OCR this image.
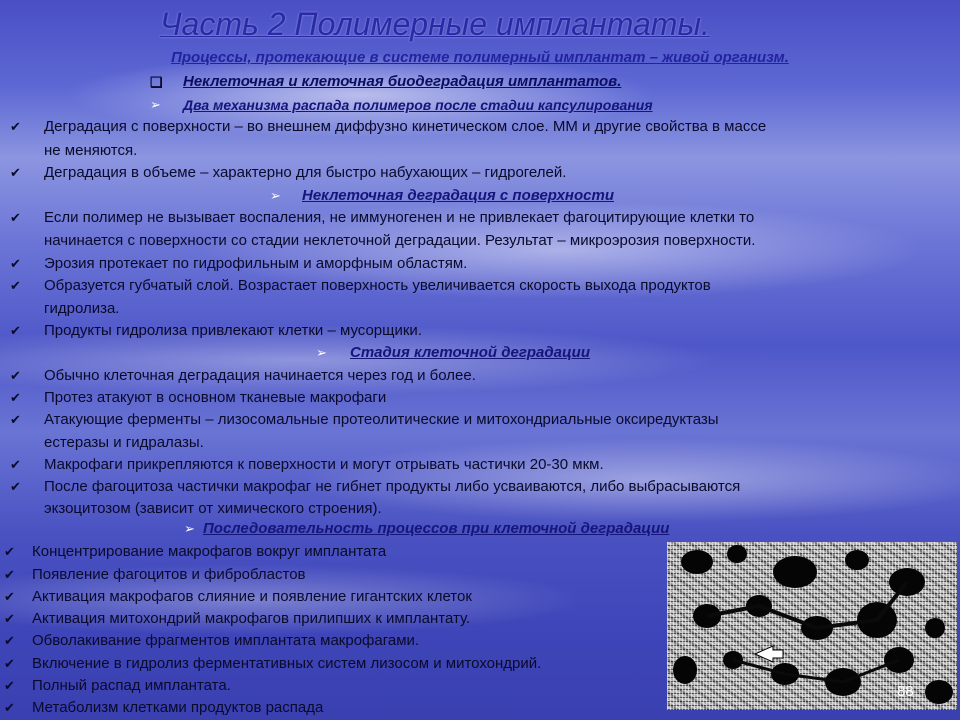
Часть 2 Полимерные имплантаты.
Процессы, протекающие в системе полимерный имплантат – живой организм.
❑ Неклеточная и клеточная биодеградация имплантатов.
➢ Два механизма распада полимеров после стадии капсулирования
✔ Деградация с поверхности – во внешнем диффузно кинетическом слое. ММ и другие свойства в массе
не меняются.
✔ Деградация в объеме – характерно для быстро набухающих – гидрогелей.
➢ Неклеточная деградация с поверхности
✔ Если полимер не вызывает воспаления, не иммуногенен и не привлекает фагоцитирующие клетки то
начинается с поверхности со стадии неклеточной деградации. Результат – микроэрозия поверхности.
✔ Эрозия протекает по гидрофильным и аморфным областям.
✔ Образуется губчатый слой. Возрастает поверхность увеличивается скорость выхода продуктов
гидролиза.
✔ Продукты гидролиза привлекают клетки – мусорщики.
➢ Стадия клеточной деградации
✔ Обычно клеточная деградация начинается через год и более.
✔ Протез атакуют в основном тканевые макрофаги
✔ Атакующие ферменты – лизосомальные протеолитические и митохондриальные оксиредуктазы
естеразы и гидралазы.
✔ Макрофаги прикрепляются к поверхности и могут отрывать частички 20-30 мкм.
✔ После фагоцитоза частички макрофаг не гибнет продукты либо усваиваются, либо выбрасываются
экзоцитозом (зависит от химического строения).
➢ Последовательность процессов при клеточной деградации
✔ Концентрирование макрофагов вокруг имплантата
✔ Появление фагоцитов и фибробластов
✔ Активация макрофагов слияние и появление гигантских клеток
✔ Активация митохондрий макрофагов прилипших к имплантату.
✔ Обволакивание фрагментов имплантата макрофагами.
✔ Включение в гидролиз ферментативных систем лизосом и митохондрий.
✔ Полный распад имплантата.
✔ Метаболизм клетками продуктов распада
88
